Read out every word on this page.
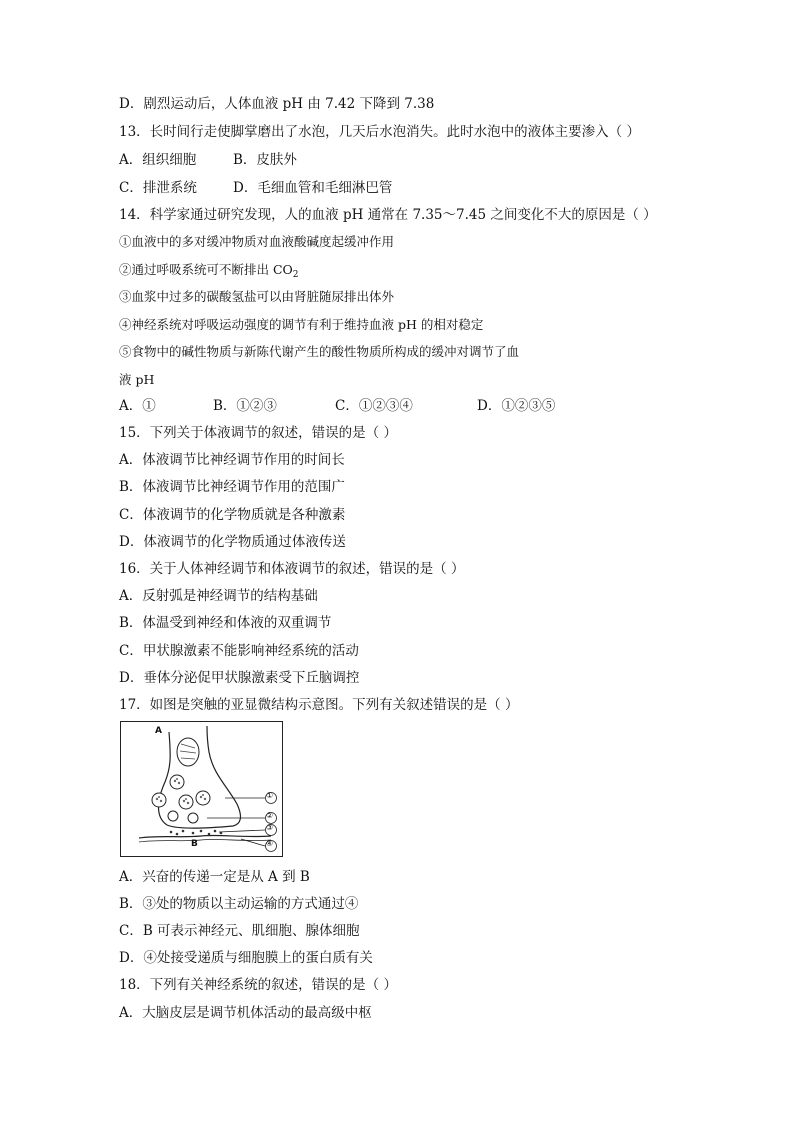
D．剧烈运动后，人体血液 pH 由 7.42 下降到 7.38
13．长时间行走使脚掌磨出了水泡，几天后水泡消失。此时水泡中的液体主要渗入（ ）
A．组织细胞	B．皮肤外
C．排泄系统	D．毛细血管和毛细淋巴管
14．科学家通过研究发现，人的血液 pH 通常在 7.35～7.45 之间变化不大的原因是（ ）
①血液中的多对缓冲物质对血液酸碱度起缓冲作用
②通过呼吸系统可不断排出 $CO_2$
③血浆中过多的碳酸氢盐可以由肾脏随尿排出体外
④神经系统对呼吸运动强度的调节有利于维持血液 pH 的相对稳定
⑤食物中的碱性物质与新陈代谢产生的酸性物质所构成的缓冲对调节了血
液 pH
A．①	B．①②③	C．①②③④	D．①②③⑤
15．下列关于体液调节的叙述，错误的是（ ）
A．体液调节比神经调节作用的时间长
B．体液调节比神经调节作用的范围广
C．体液调节的化学物质就是各种激素
D．体液调节的化学物质通过体液传送
16．关于人体神经调节和体液调节的叙述，错误的是（ ）
A．反射弧是神经调节的结构基础
B．体温受到神经和体液的双重调节
C．甲状腺激素不能影响神经系统的活动
D．垂体分泌促甲状腺激素受下丘脑调控
17．如图是突触的亚显微结构示意图。下列有关叙述错误的是（ ）
A
B
①
②
③
④
A．兴奋的传递一定是从 A 到 B
B．③处的物质以主动运输的方式通过④
C．B 可表示神经元、肌细胞、腺体细胞
D．④处接受递质与细胞膜上的蛋白质有关
18．下列有关神经系统的叙述，错误的是（ ）
A．大脑皮层是调节机体活动的最高级中枢
